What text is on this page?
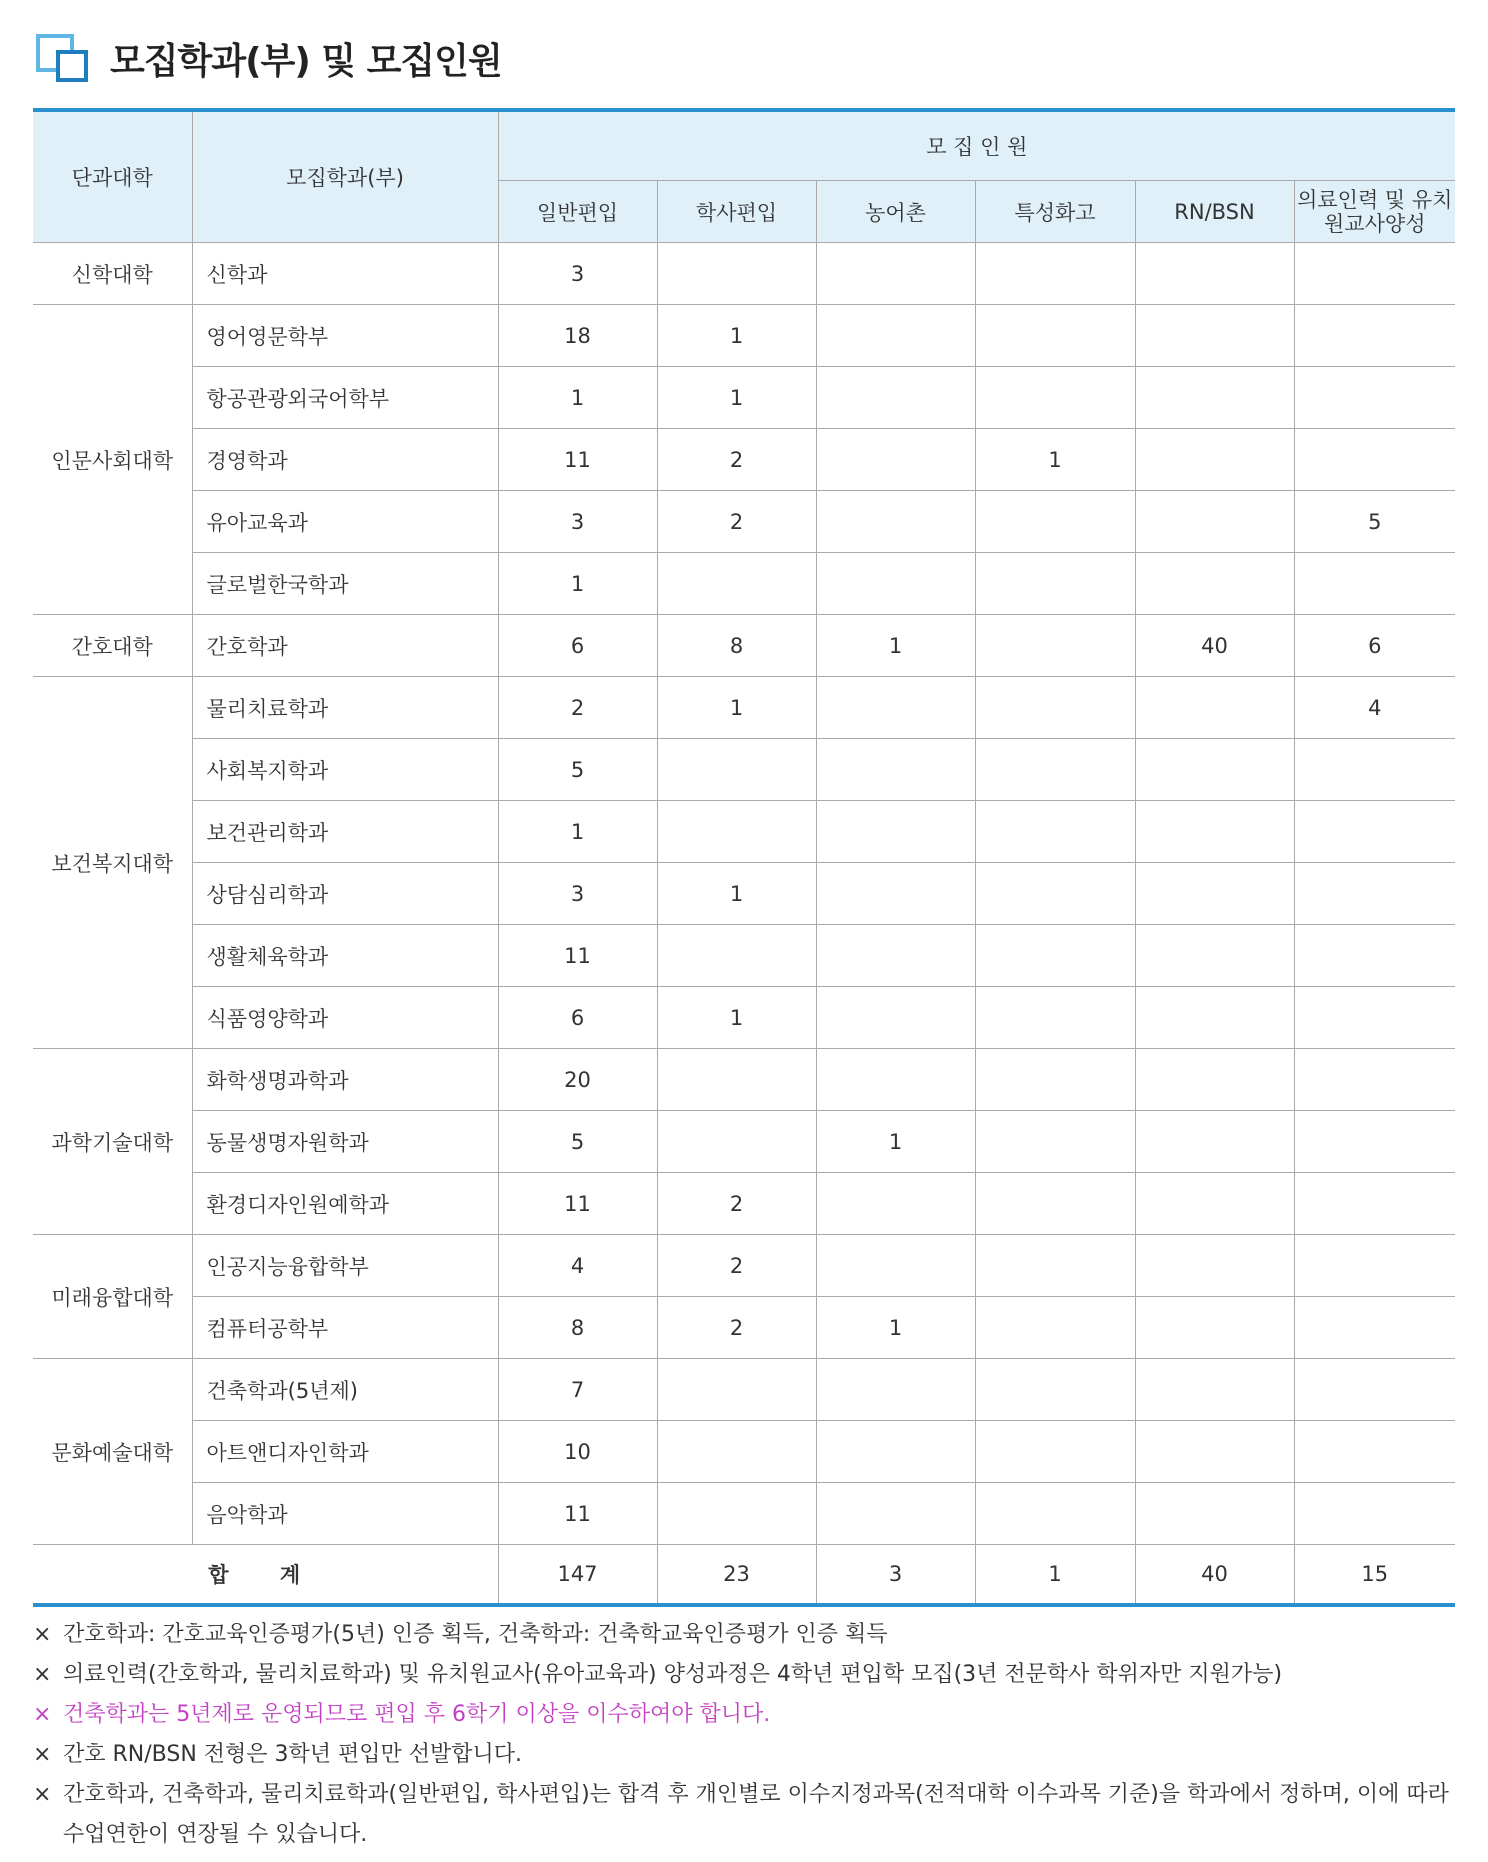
모집학과(부) 및 모집인원
단과대학	모집학과(부)	모 집 인 원					
		일반편입	학사편입	농어촌	특성화고	RN/BSN	의료인력 및 유치원교사양성
신학대학	신학과	3					
인문사회대학	영어영문학부	18	1				
	항공관광외국어학부	1	1				
	경영학과	11	2		1		
	유아교육과	3	2				5
	글로벌한국학과	1					
간호대학	간호학과	6	8	1		40	6
보건복지대학	물리치료학과	2	1				4
	사회복지학과	5					
	보건관리학과	1					
	상담심리학과	3	1				
	생활체육학과	11					
	식품영양학과	6	1				
과학기술대학	화학생명과학과	20					
	동물생명자원학과	5		1			
	환경디자인원예학과	11	2				
미래융합대학	인공지능융합학부	4	2				
	컴퓨터공학부	8	2	1			
문화예술대학	건축학과(5년제)	7					
	아트앤디자인학과	10					
	음악학과	11					
합 계		147	23	3	1	40	15
× 간호학과: 간호교육인증평가(5년) 인증 획득, 건축학과: 건축학교육인증평가 인증 획득
× 의료인력(간호학과, 물리치료학과) 및 유치원교사(유아교육과) 양성과정은 4학년 편입학 모집(3년 전문학사 학위자만 지원가능)
× 건축학과는 5년제로 운영되므로 편입 후 6학기 이상을 이수하여야 합니다.
× 간호 RN/BSN 전형은 3학년 편입만 선발합니다.
× 간호학과, 건축학과, 물리치료학과(일반편입, 학사편입)는 합격 후 개인별로 이수지정과목(전적대학 이수과목 기준)을 학과에서 정하며, 이에 따라 수업연한이 연장될 수 있습니다.
